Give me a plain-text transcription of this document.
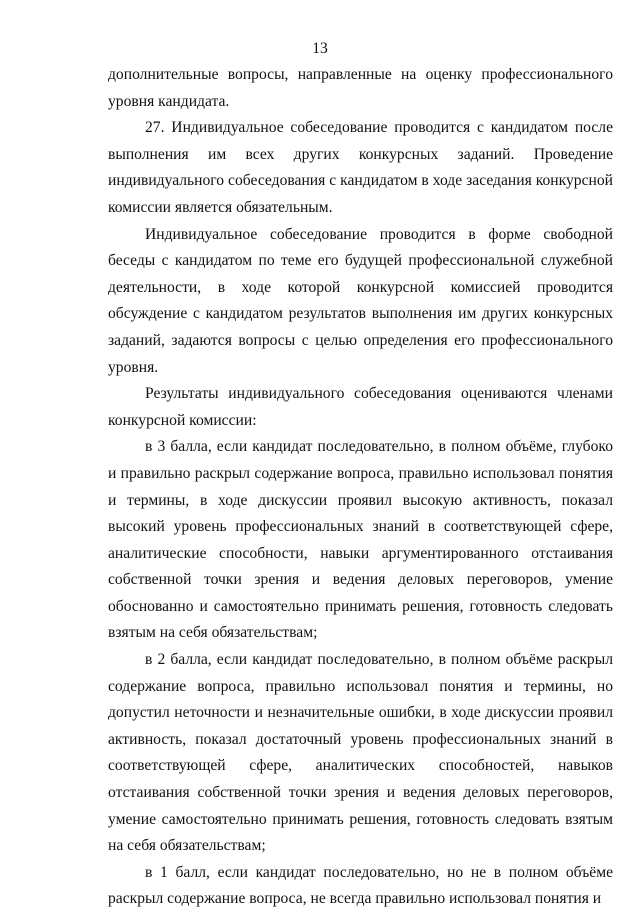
13

дополнительные вопросы, направленные на оценку профессионального уровня кандидата.

27. Индивидуальное собеседование проводится с кандидатом после выполнения им всех других конкурсных заданий. Проведение индивидуального собеседования с кандидатом в ходе заседания конкурсной комиссии является обязательным.

Индивидуальное собеседование проводится в форме свободной беседы с кандидатом по теме его будущей профессиональной служебной деятельности, в ходе которой конкурсной комиссией проводится обсуждение с кандидатом результатов выполнения им других конкурсных заданий, задаются вопросы с целью определения его профессионального уровня.

Результаты индивидуального собеседования оцениваются членами конкурсной комиссии:

в 3 балла, если кандидат последовательно, в полном объёме, глубоко и правильно раскрыл содержание вопроса, правильно использовал понятия и термины, в ходе дискуссии проявил высокую активность, показал высокий уровень профессиональных знаний в соответствующей сфере, аналитические способности, навыки аргументированного отстаивания собственной точки зрения и ведения деловых переговоров, умение обоснованно и самостоятельно принимать решения, готовность следовать взятым на себя обязательствам;

в 2 балла, если кандидат последовательно, в полном объёме раскрыл содержание вопроса, правильно использовал понятия и термины, но допустил неточности и незначительные ошибки, в ходе дискуссии проявил активность, показал достаточный уровень профессиональных знаний в соответствующей сфере, аналитических способностей, навыков отстаивания собственной точки зрения и ведения деловых переговоров, умение самостоятельно принимать решения, готовность следовать взятым на себя обязательствам;

в 1 балл, если кандидат последовательно, но не в полном объёме раскрыл содержание вопроса, не всегда правильно использовал понятия и
